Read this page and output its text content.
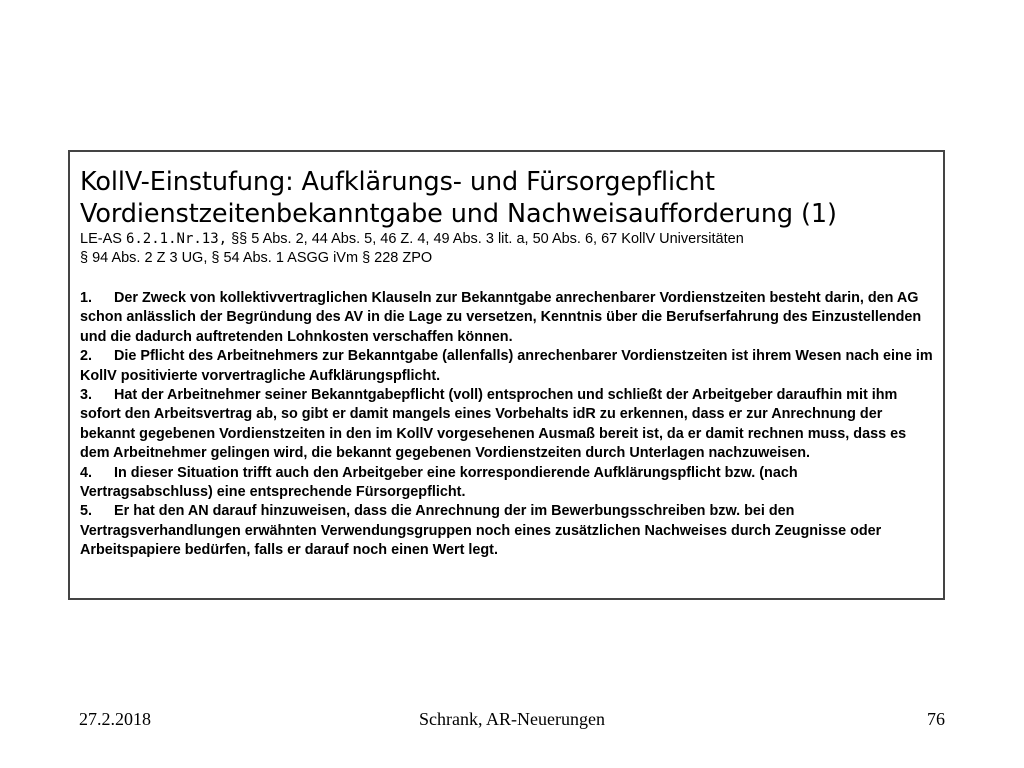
KollV-Einstufung: Aufklärungs- und Fürsorgepflicht
Vordienstzeitenbekanntgabe und Nachweisaufforderung (1)
LE-AS 6.2.1.Nr.13, §§ 5 Abs. 2, 44 Abs. 5, 46 Z. 4, 49 Abs. 3 lit. a, 50 Abs. 6, 67 KollV Universitäten
§ 94 Abs. 2 Z 3 UG, § 54 Abs. 1 ASGG iVm § 228 ZPO

1. Der Zweck von kollektivvertraglichen Klauseln zur Bekanntgabe anrechenbarer Vordienstzeiten besteht darin, den AG schon anlässlich der Begründung des AV in die Lage zu versetzen, Kenntnis über die Berufserfahrung des Einzustellenden und die dadurch auftretenden Lohnkosten verschaffen können.

2. Die Pflicht des Arbeitnehmers zur Bekanntgabe (allenfalls) anrechenbarer Vordienstzeiten ist ihrem Wesen nach eine im KollV positivierte vorvertragliche Aufklärungspflicht.

3. Hat der Arbeitnehmer seiner Bekanntgabepflicht (voll) entsprochen und schließt der Arbeitgeber daraufhin mit ihm sofort den Arbeitsvertrag ab, so gibt er damit mangels eines Vorbehalts idR zu erkennen, dass er zur Anrechnung der bekannt gegebenen Vordienstzeiten in den im KollV vorgesehenen Ausmaß bereit ist, da er damit rechnen muss, dass es dem Arbeitnehmer gelingen wird, die bekannt gegebenen Vordienstzeiten durch Unterlagen nachzuweisen.

4. In dieser Situation trifft auch den Arbeitgeber eine korrespondierende Aufklärungspflicht bzw. (nach Vertragsabschluss) eine entsprechende Fürsorgepflicht.

5. Er hat den AN darauf hinzuweisen, dass die Anrechnung der im Bewerbungsschreiben bzw. bei den Vertragsverhandlungen erwähnten Verwendungsgruppen noch eines zusätzlichen Nachweises durch Zeugnisse oder Arbeitspapiere bedürfen, falls er darauf noch einen Wert legt.

27.2.2018	Schrank, AR-Neuerungen	76
